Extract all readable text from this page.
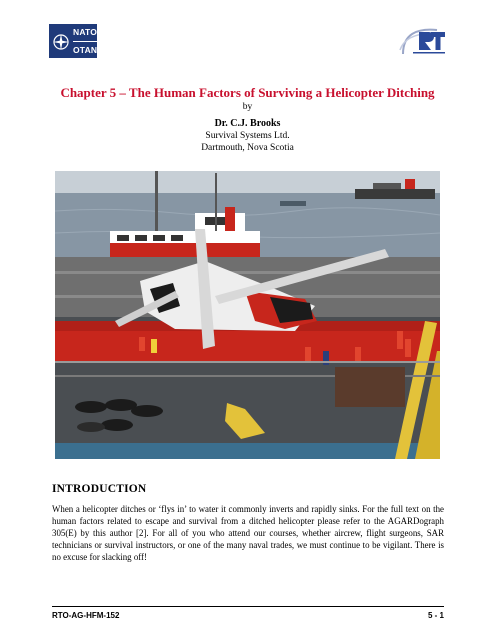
NATO
OTAN
Chapter 5 – The Human Factors of Surviving a Helicopter Ditching
by
Dr. C.J. Brooks
Survival Systems Ltd.
Dartmouth, Nova Scotia
INTRODUCTION
When a helicopter ditches or ‘flys in’ to water it commonly inverts and rapidly sinks. For the full text on the human factors related to escape and survival from a ditched helicopter please refer to the AGARDograph 305(E) by this author [2]. For all of you who attend our courses, whether aircrew, flight surgeons, SAR technicians or survival instructors, or one of the many naval trades, we must continue to be vigilant. There is no excuse for slacking off!
RTO-AG-HFM-152	5 - 1
